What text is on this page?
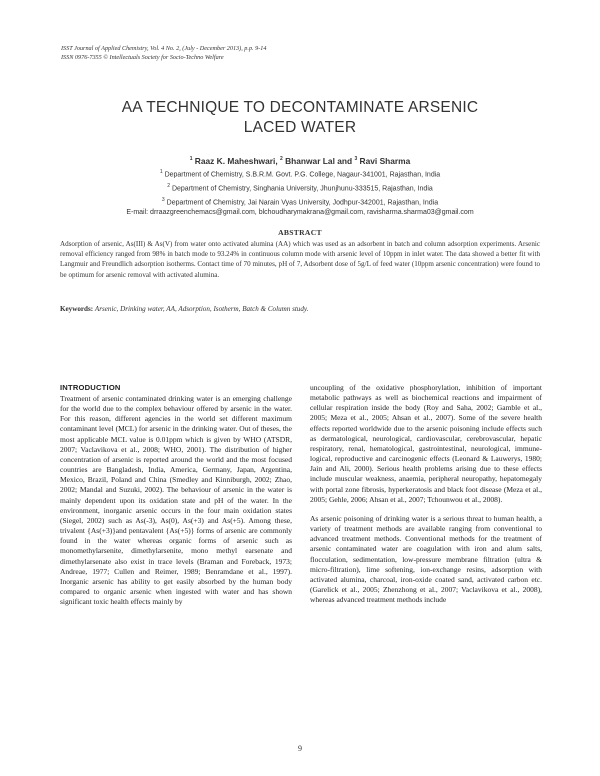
ISST Journal of Applied Chemistry, Vol. 4 No. 2, (July - December 2013), p.p. 9-14
ISSN 0976-7355 © Intellectuals Society for Socio-Techno Welfare
AA TECHNIQUE TO DECONTAMINATE ARSENIC
LACED WATER
$^1$ Raaz K. Maheshwari, $^2$ Bhanwar Lal and $^3$ Ravi Sharma
$^1$ Department of Chemistry, S.B.R.M. Govt. P.G. College, Nagaur-341001, Rajasthan, India
$^2$ Department of Chemistry, Singhania University, Jhunjhunu-333515, Rajasthan, India
$^3$ Department of Chemistry, Jai Narain Vyas University, Jodhpur-342001, Rajasthan, India
E-mail: drraazgreenchemacs@gmail.com, blchoudharymakrana@gmail.com, ravisharma.sharma03@gmail.com
ABSTRACT
Adsorption of arsenic, As(III) & As(V) from water onto activated alumina (AA) which was used as an adsorbent in batch and column adsorption experiments. Arsenic removal efficiency ranged from 98% in batch mode to 93.24% in continuous column mode with arsenic level of 10ppm in inlet water. The data showed a better fit with Langmuir and Freundlich adsorption isotherms. Contact time of 70 minutes, pH of 7, Adsorbent dose of 5g/L of feed water (10ppm arsenic concentration) were found to be optimum for arsenic removal with activated alumina.
Keywords: Arsenic, Drinking water, AA, Adsorption, Isotherm, Batch & Column study.
INTRODUCTION

Treatment of arsenic contaminated drinking water is an emerging challenge for the world due to the complex behaviour offered by arsenic in the water. For this reason, different agencies in the world set different maximum contaminant level (MCL) for arsenic in the drinking water. Out of theses, the most applicable MCL value is 0.01ppm which is given by WHO (ATSDR, 2007; Vaclavikova et al., 2008; WHO, 2001). The distribution of higher concentration of arsenic is reported around the world and the most focused countries are Bangladesh, India, America, Germany, Japan, Argentina, Mexico, Brazil, Poland and China (Smedley and Kinniburgh, 2002; Zhao, 2002; Mandal and Suzuki, 2002). The behaviour of arsenic in the water is mainly dependent upon its oxidation state and pH of the water. In the environment, inorganic arsenic occurs in the four main oxidation states (Siegel, 2002) such as As(-3), As(0), As(+3) and As(+5). Among these, trivalent {As(+3)}and pentavalent {As(+5)} forms of arsenic are commonly found in the water whereas organic forms of arsenic such as monomethylarsenite, dimethylarsenite, mono methyl earsenate and dimethylarsenate also exist in trace levels (Braman and Foreback, 1973; Andreae, 1977; Cullen and Reimer, 1989; Benramdane et al., 1997). Inorganic arsenic has ability to get easily absorbed by the human body compared to organic arsenic when ingested with water and has shown significant toxic health effects mainly by

uncoupling of the oxidative phosphorylation, inhibition of important metabolic pathways as well as biochemical reactions and impairment of cellular respiration inside the body (Roy and Saha, 2002; Gamble et al., 2005; Meza et al., 2005; Ahsan et al., 2007). Some of the severe health effects reported worldwide due to the arsenic poisoning include effects such as dermatological, neurological, cardiovascular, cerebrovascular, hepatic respiratory, renal, hematological, gastrointestinal, neurological, immune-logical, reproductive and carcinogenic effects (Leonard & Lauwerys, 1980; Jain and Ali, 2000). Serious health problems arising due to these effects include muscular weakness, anaemia, peripheral neuropathy, hepatomegaly with portal zone fibrosis, hyperkeratosis and black foot disease (Meza et al., 2005; Gehle, 2006; Ahsan et al., 2007; Tchounwou et al., 2008).

As arsenic poisoning of drinking water is a serious threat to human health, a variety of treatment methods are available ranging from conventional to advanced treatment methods. Conventional methods for the treatment of arsenic contaminated water are coagulation with iron and alum salts, flocculation, sedimentation, low-pressure membrane filtration (ultra & micro-filtration), lime softening, ion-exchange resins, adsorption with activated alumina, charcoal, iron-oxide coated sand, activated carbon etc. (Garelick et al., 2005; Zhenzhong et al., 2007; Vaclavikova et al., 2008), whereas advanced treatment methods include

9
